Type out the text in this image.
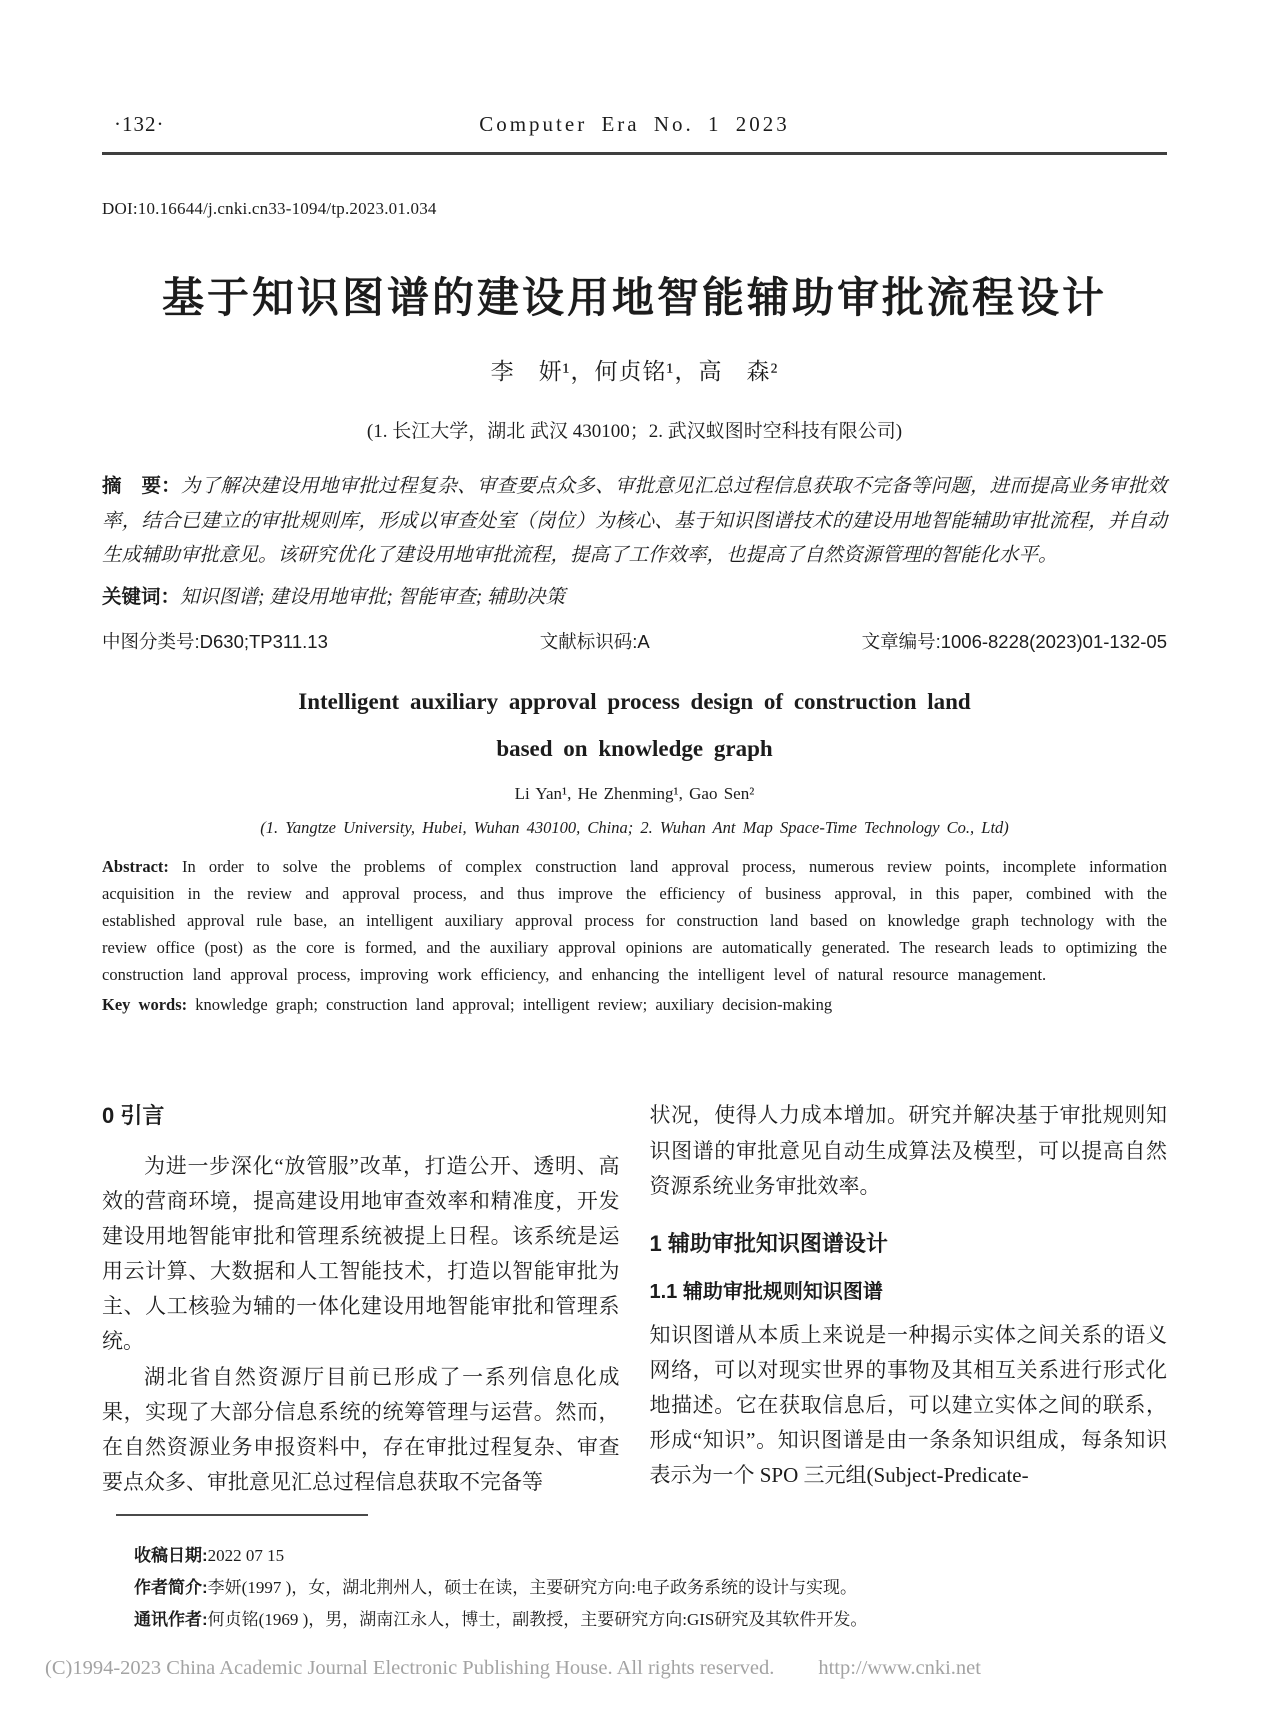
·132·	Computer Era No. 1 2023
DOI:10.16644/j.cnki.cn33-1094/tp.2023.01.034
基于知识图谱的建设用地智能辅助审批流程设计
李　妍¹，何贞铭¹，高　森²
(1. 长江大学，湖北 武汉 430100；2. 武汉蚁图时空科技有限公司)
摘　要：为了解决建设用地审批过程复杂、审查要点众多、审批意见汇总过程信息获取不完备等问题，进而提高业务审批效率，结合已建立的审批规则库，形成以审查处室（岗位）为核心、基于知识图谱技术的建设用地智能辅助审批流程，并自动生成辅助审批意见。该研究优化了建设用地审批流程，提高了工作效率，也提高了自然资源管理的智能化水平。
关键词：知识图谱; 建设用地审批; 智能审查; 辅助决策
中图分类号:D630;TP311.13	文献标识码:A	文章编号:1006-8228(2023)01-132-05
Intelligent auxiliary approval process design of construction land
based on knowledge graph
Li Yan¹, He Zhenming¹, Gao Sen²
(1. Yangtze University, Hubei, Wuhan 430100, China; 2. Wuhan Ant Map Space-Time Technology Co., Ltd)
Abstract: In order to solve the problems of complex construction land approval process, numerous review points, incomplete information acquisition in the review and approval process, and thus improve the efficiency of business approval, in this paper, combined with the established approval rule base, an intelligent auxiliary approval process for construction land based on knowledge graph technology with the review office (post) as the core is formed, and the auxiliary approval opinions are automatically generated. The research leads to optimizing the construction land approval process, improving work efficiency, and enhancing the intelligent level of natural resource management.
Key words: knowledge graph; construction land approval; intelligent review; auxiliary decision-making
0 引言

为进一步深化“放管服”改革，打造公开、透明、高效的营商环境，提高建设用地审查效率和精准度，开发建设用地智能审批和管理系统被提上日程。该系统是运用云计算、大数据和人工智能技术，打造以智能审批为主、人工核验为辅的一体化建设用地智能审批和管理系统。

湖北省自然资源厅目前已形成了一系列信息化成果，实现了大部分信息系统的统筹管理与运营。然而，在自然资源业务申报资料中，存在审批过程复杂、审查要点众多、审批意见汇总过程信息获取不完备等

状况，使得人力成本增加。研究并解决基于审批规则知识图谱的审批意见自动生成算法及模型，可以提高自然资源系统业务审批效率。

1 辅助审批知识图谱设计
1.1 辅助审批规则知识图谱

知识图谱从本质上来说是一种揭示实体之间关系的语义网络，可以对现实世界的事物及其相互关系进行形式化地描述。它在获取信息后，可以建立实体之间的联系，形成“知识”。知识图谱是由一条条知识组成，每条知识表示为一个 SPO 三元组(Subject-Predicate-

收稿日期:2022 07 15
作者简介:李妍(1997 )，女，湖北荆州人，硕士在读，主要研究方向:电子政务系统的设计与实现。
通讯作者:何贞铭(1969 )，男，湖南江永人，博士，副教授，主要研究方向:GIS研究及其软件开发。
(C)1994-2023 China Academic Journal Electronic Publishing House. All rights reserved. http://www.cnki.net
